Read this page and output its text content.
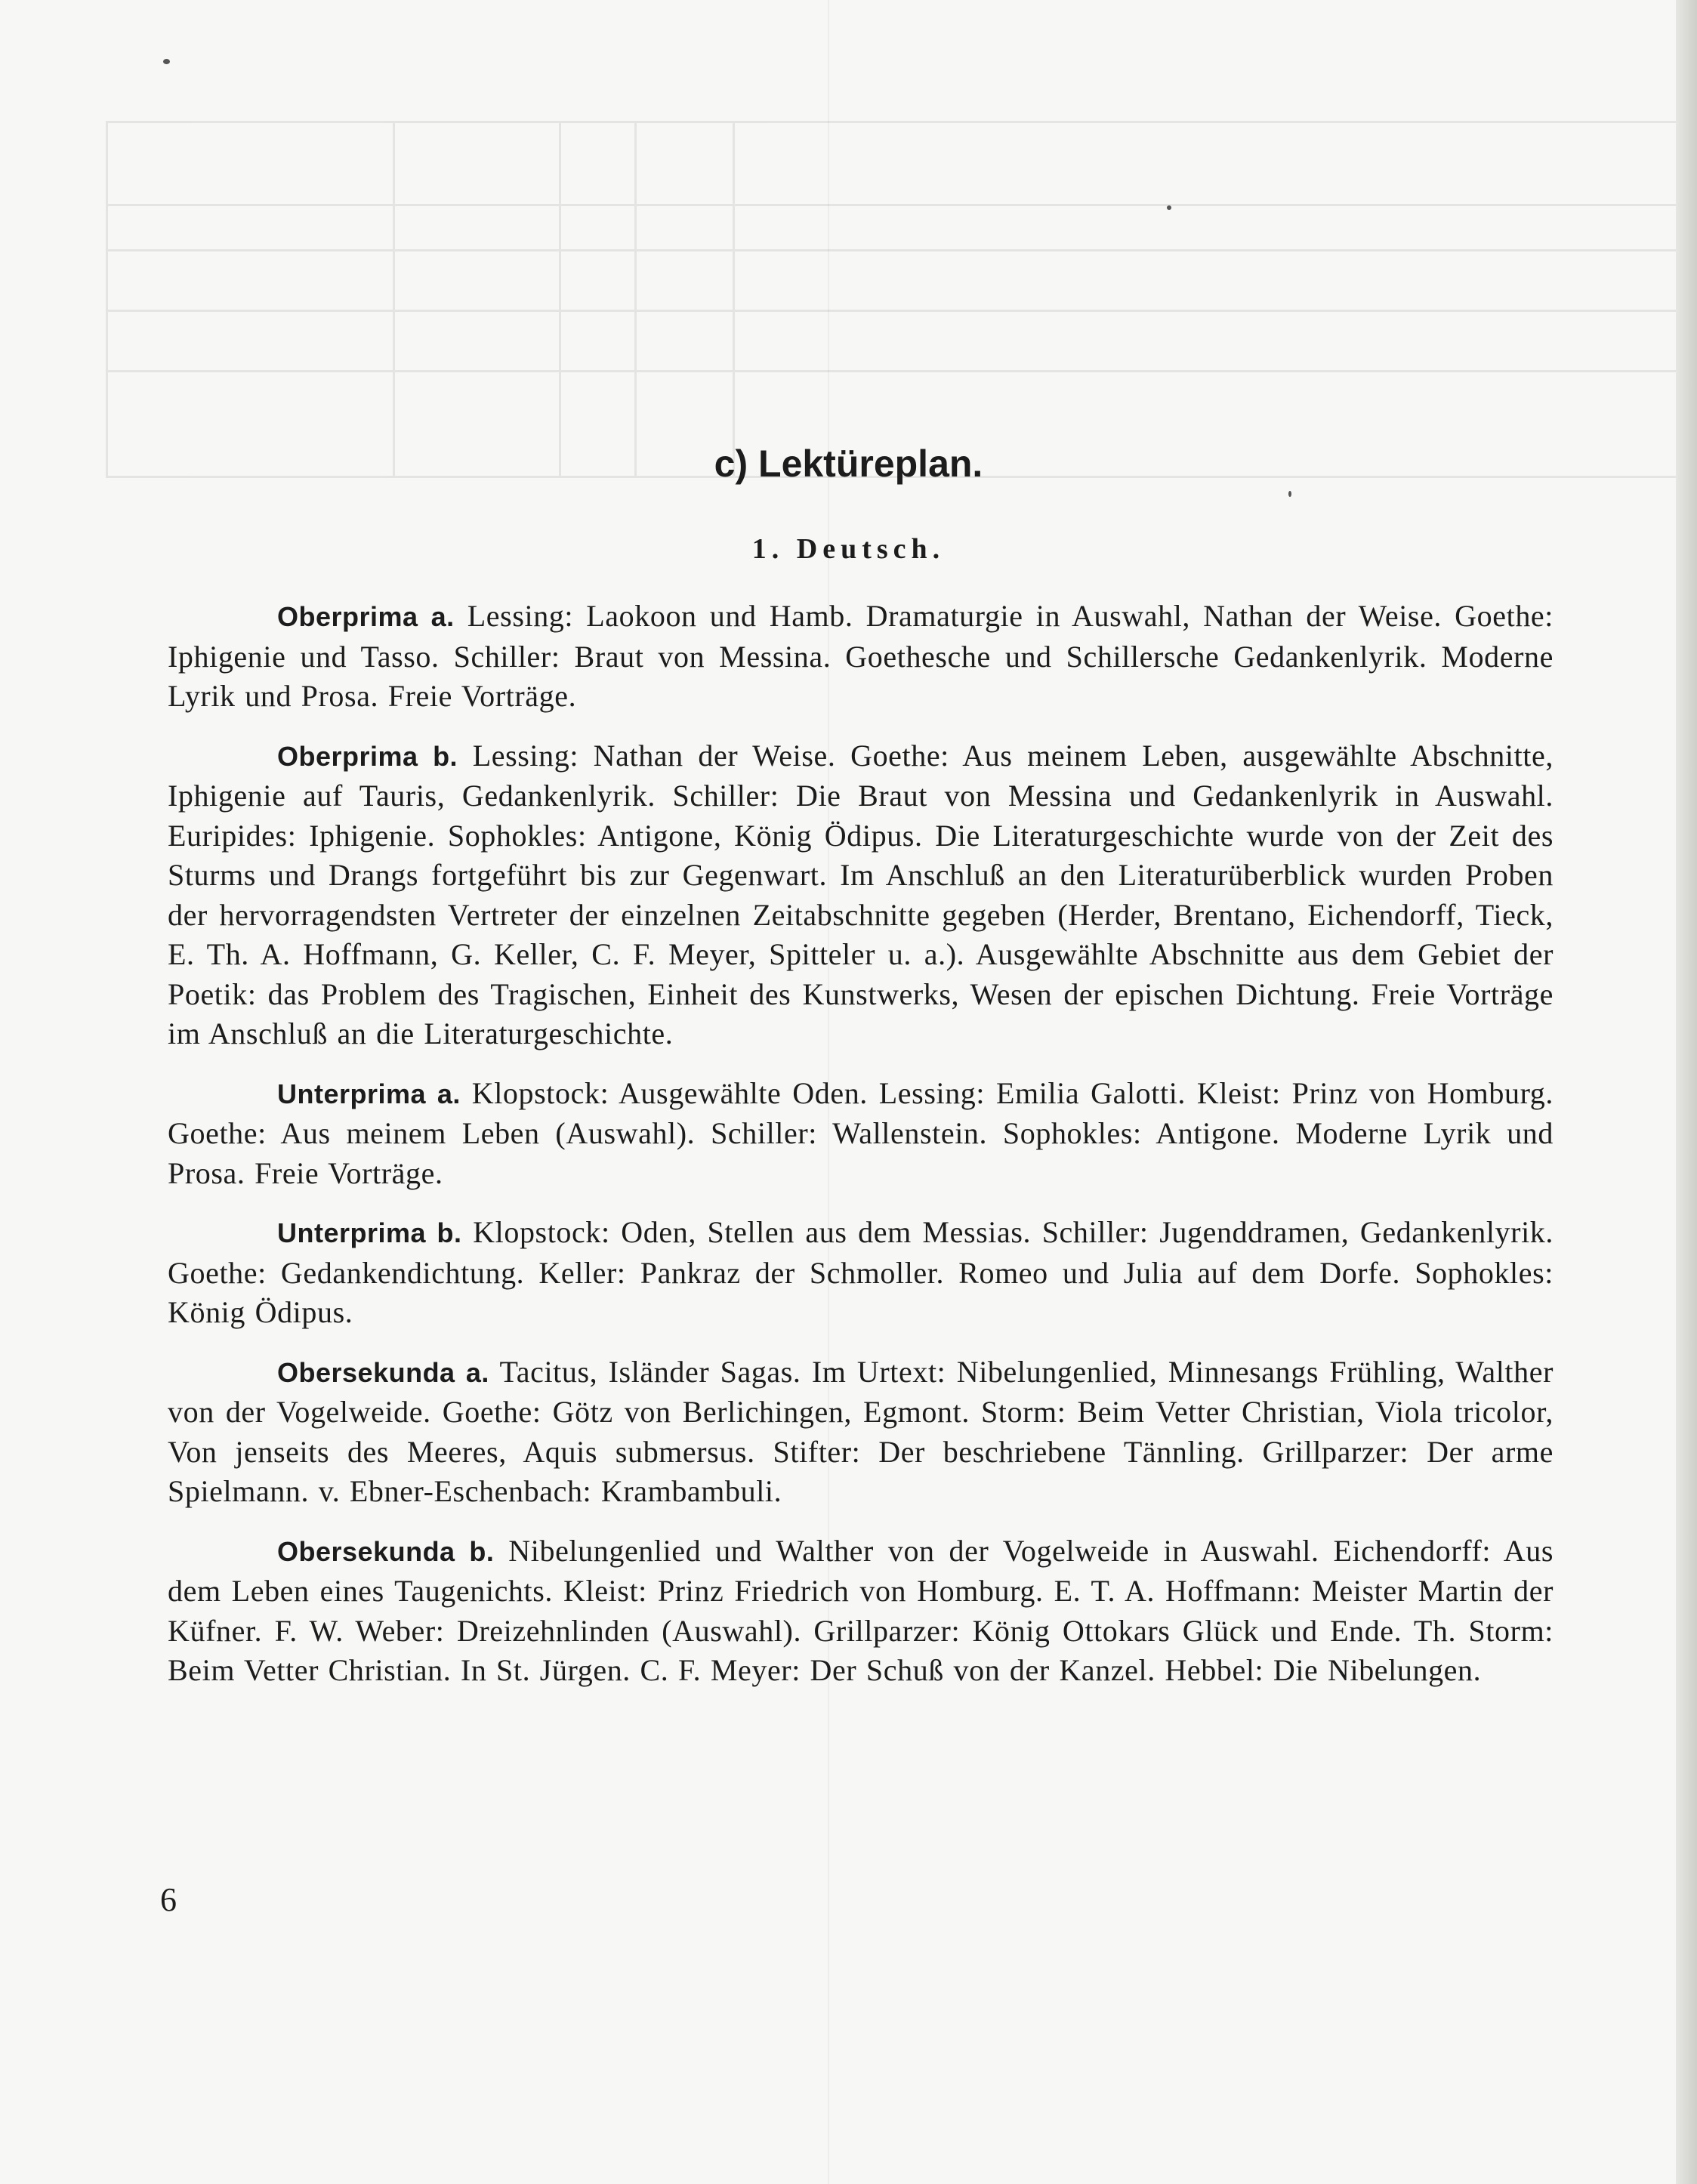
c) Lektüreplan.
1. Deutsch.

Oberprima a. Lessing: Laokoon und Hamb. Dramaturgie in Auswahl, Nathan der Weise. Goethe: Iphigenie und Tasso. Schiller: Braut von Messina. Goethesche und Schillersche Gedankenlyrik. Moderne Lyrik und Prosa. Freie Vorträge.

Oberprima b. Lessing: Nathan der Weise. Goethe: Aus meinem Leben, ausgewählte Abschnitte, Iphigenie auf Tauris, Gedankenlyrik. Schiller: Die Braut von Messina und Gedankenlyrik in Auswahl. Euripides: Iphigenie. Sophokles: Antigone, König Ödipus. Die Literaturgeschichte wurde von der Zeit des Sturms und Drangs fortgeführt bis zur Gegenwart. Im Anschluß an den Literaturüberblick wurden Proben der hervorragendsten Vertreter der einzelnen Zeitabschnitte gegeben (Herder, Brentano, Eichendorff, Tieck, E. Th. A. Hoffmann, G. Keller, C. F. Meyer, Spitteler u. a.). Ausgewählte Abschnitte aus dem Gebiet der Poetik: das Problem des Tragischen, Einheit des Kunstwerks, Wesen der epischen Dichtung. Freie Vorträge im Anschluß an die Literaturgeschichte.

Unterprima a. Klopstock: Ausgewählte Oden. Lessing: Emilia Galotti. Kleist: Prinz von Homburg. Goethe: Aus meinem Leben (Auswahl). Schiller: Wallenstein. Sophokles: Antigone. Moderne Lyrik und Prosa. Freie Vorträge.

Unterprima b. Klopstock: Oden, Stellen aus dem Messias. Schiller: Jugenddramen, Gedankenlyrik. Goethe: Gedankendichtung. Keller: Pankraz der Schmoller. Romeo und Julia auf dem Dorfe. Sophokles: König Ödipus.

Obersekunda a. Tacitus, Isländer Sagas. Im Urtext: Nibelungenlied, Minnesangs Frühling, Walther von der Vogelweide. Goethe: Götz von Berlichingen, Egmont. Storm: Beim Vetter Christian, Viola tricolor, Von jenseits des Meeres, Aquis submersus. Stifter: Der beschriebene Tännling. Grillparzer: Der arme Spielmann. v. Ebner-Eschenbach: Krambambuli.

Obersekunda b. Nibelungenlied und Walther von der Vogelweide in Auswahl. Eichendorff: Aus dem Leben eines Taugenichts. Kleist: Prinz Friedrich von Homburg. E. T. A. Hoffmann: Meister Martin der Küfner. F. W. Weber: Dreizehnlinden (Auswahl). Grillparzer: König Ottokars Glück und Ende. Th. Storm: Beim Vetter Christian. In St. Jürgen. C. F. Meyer: Der Schuß von der Kanzel. Hebbel: Die Nibelungen.

6
